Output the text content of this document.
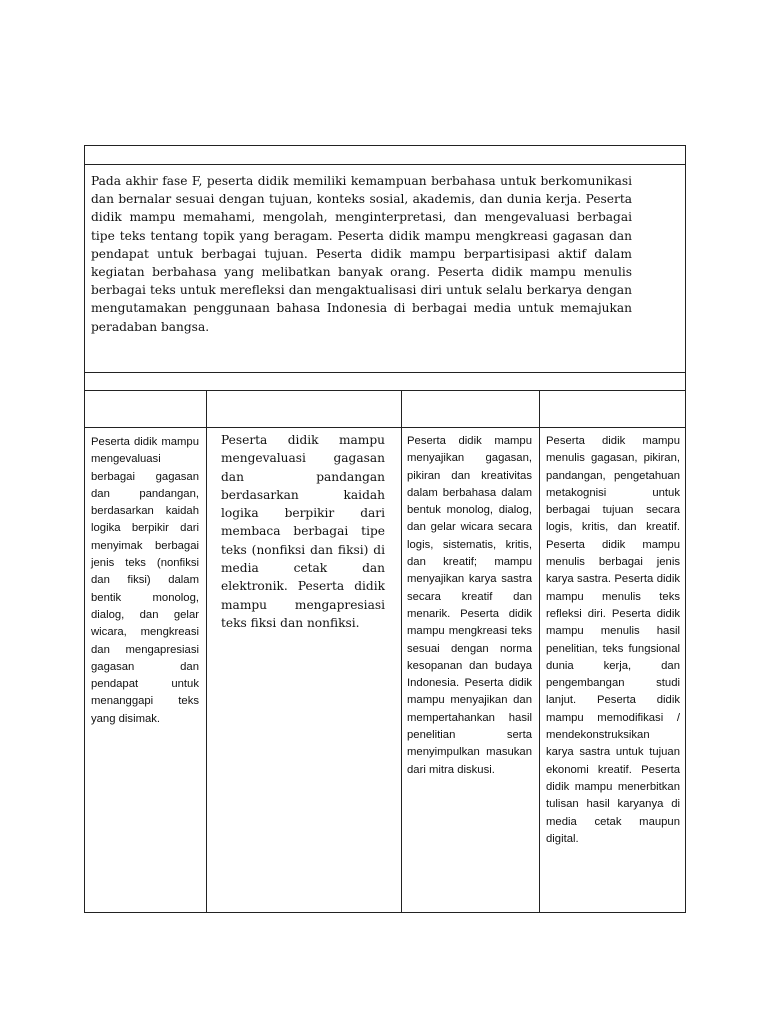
Pada akhir fase F, peserta didik memiliki kemampuan berbahasa untuk berkomunikasi dan bernalar sesuai dengan tujuan, konteks sosial, akademis, dan dunia kerja. Peserta didik mampu memahami, mengolah, menginterpretasi, dan mengevaluasi berbagai tipe teks tentang topik yang beragam. Peserta didik mampu mengkreasi gagasan dan pendapat untuk berbagai tujuan. Peserta didik mampu berpartisipasi aktif dalam kegiatan berbahasa yang melibatkan banyak orang. Peserta didik mampu menulis berbagai teks untuk merefleksi dan mengaktualisasi diri untuk selalu berkarya dengan mengutamakan penggunaan bahasa Indonesia di berbagai media untuk memajukan peradaban bangsa.

Peserta didik mampu mengevaluasi berbagai gagasan dan pandangan, berdasarkan kaidah logika berpikir dari menyimak berbagai jenis teks (nonfiksi dan fiksi) dalam bentik monolog, dialog, dan gelar wicara, mengkreasi dan mengapresiasi gagasan dan pendapat untuk menanggapi teks yang disimak.

Peserta didik mampu mengevaluasi gagasan dan pandangan berdasarkan kaidah logika berpikir dari membaca berbagai tipe teks (nonfiksi dan fiksi) di media cetak dan elektronik. Peserta didik mampu mengapresiasi teks fiksi dan nonfiksi.

Peserta didik mampu menyajikan gagasan, pikiran dan kreativitas dalam berbahasa dalam bentuk monolog, dialog, dan gelar wicara secara logis, sistematis, kritis, dan kreatif; mampu menyajikan karya sastra secara kreatif dan menarik. Peserta didik mampu mengkreasi teks sesuai dengan norma kesopanan dan budaya Indonesia. Peserta didik mampu menyajikan dan mempertahankan hasil penelitian serta menyimpulkan masukan dari mitra diskusi.

Peserta didik mampu menulis gagasan, pikiran, pandangan, pengetahuan metakognisi untuk berbagai tujuan secara logis, kritis, dan kreatif. Peserta didik mampu menulis berbagai jenis karya sastra. Peserta didik mampu menulis teks refleksi diri. Peserta didik mampu menulis hasil penelitian, teks fungsional dunia kerja, dan pengembangan studi lanjut. Peserta didik mampu memodifikasi / mendekonstruksikan karya sastra untuk tujuan ekonomi kreatif. Peserta didik mampu menerbitkan tulisan hasil karyanya di media cetak maupun digital.
